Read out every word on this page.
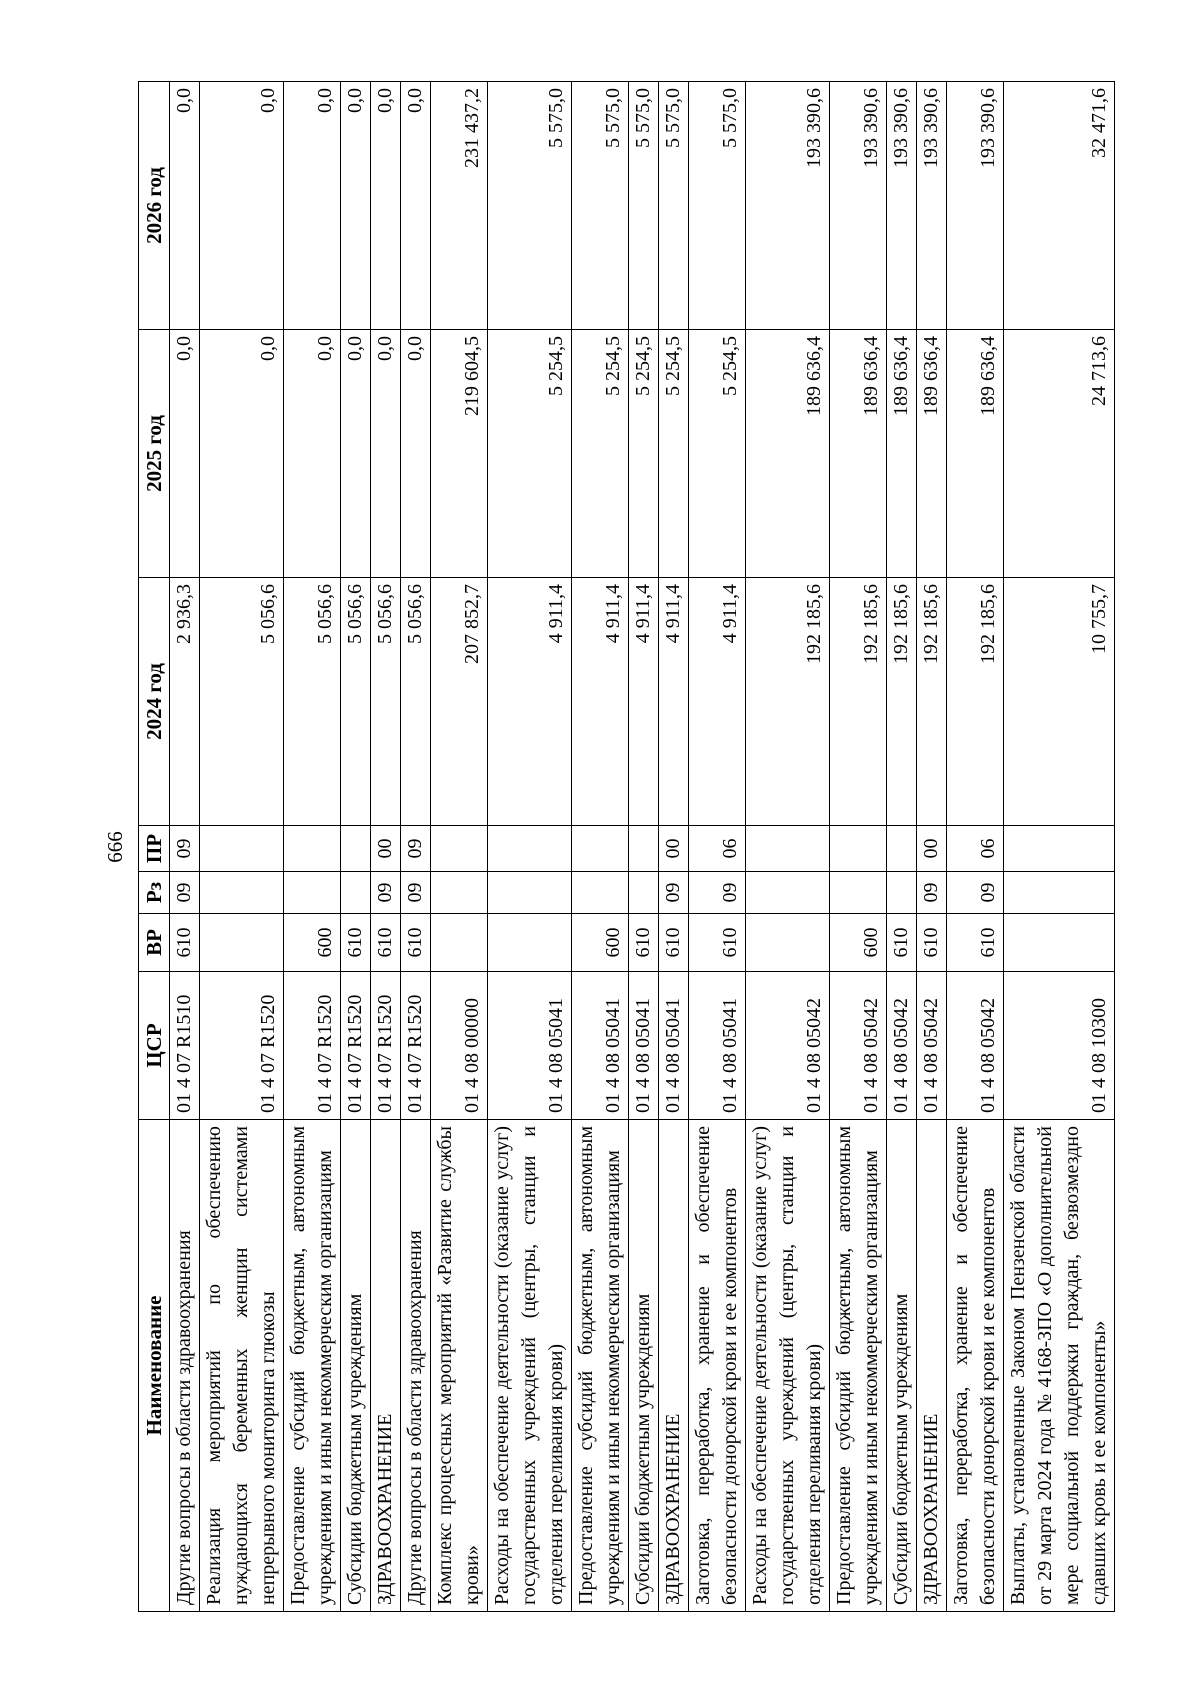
666
Наименование	ЦСР	ВР	Рз	ПР	2024 год	2025 год	2026 год
Другие вопросы в области здравоохранения	01 4 07 R1510	610	09	09	2 936,3	0,0	0,0
Реализация мероприятий по обеспечению нуждающихся беременных женщин системами непрерывного мониторинга глюкозы	01 4 07 R1520				5 056,6	0,0	0,0
Предоставление субсидий бюджетным, автономным учреждениям и иным некоммерческим организациям	01 4 07 R1520	600			5 056,6	0,0	0,0
Субсидии бюджетным учреждениям	01 4 07 R1520	610			5 056,6	0,0	0,0
ЗДРАВООХРАНЕНИЕ	01 4 07 R1520	610	09	00	5 056,6	0,0	0,0
Другие вопросы в области здравоохранения	01 4 07 R1520	610	09	09	5 056,6	0,0	0,0
Комплекс процессных мероприятий «Развитие службы крови»	01 4 08 00000				207 852,7	219 604,5	231 437,2
Расходы на обеспечение деятельности (оказание услуг) государственных учреждений (центры, станции и отделения переливания крови)	01 4 08 05041				4 911,4	5 254,5	5 575,0
Предоставление субсидий бюджетным, автономным учреждениям и иным некоммерческим организациям	01 4 08 05041	600			4 911,4	5 254,5	5 575,0
Субсидии бюджетным учреждениям	01 4 08 05041	610			4 911,4	5 254,5	5 575,0
ЗДРАВООХРАНЕНИЕ	01 4 08 05041	610	09	00	4 911,4	5 254,5	5 575,0
Заготовка, переработка, хранение и обеспечение безопасности донорской крови и ее компонентов	01 4 08 05041	610	09	06	4 911,4	5 254,5	5 575,0
Расходы на обеспечение деятельности (оказание услуг) государственных учреждений (центры, станции и отделения переливания крови)	01 4 08 05042				192 185,6	189 636,4	193 390,6
Предоставление субсидий бюджетным, автономным учреждениям и иным некоммерческим организациям	01 4 08 05042	600			192 185,6	189 636,4	193 390,6
Субсидии бюджетным учреждениям	01 4 08 05042	610			192 185,6	189 636,4	193 390,6
ЗДРАВООХРАНЕНИЕ	01 4 08 05042	610	09	00	192 185,6	189 636,4	193 390,6
Заготовка, переработка, хранение и обеспечение безопасности донорской крови и ее компонентов	01 4 08 05042	610	09	06	192 185,6	189 636,4	193 390,6
Выплаты, установленные Законом Пензенской области от 29 марта 2024 года № 4168-ЗПО «О дополнительной мере социальной поддержки граждан, безвозмездно сдавших кровь и ее компоненты»	01 4 08 10300				10 755,7	24 713,6	32 471,6
